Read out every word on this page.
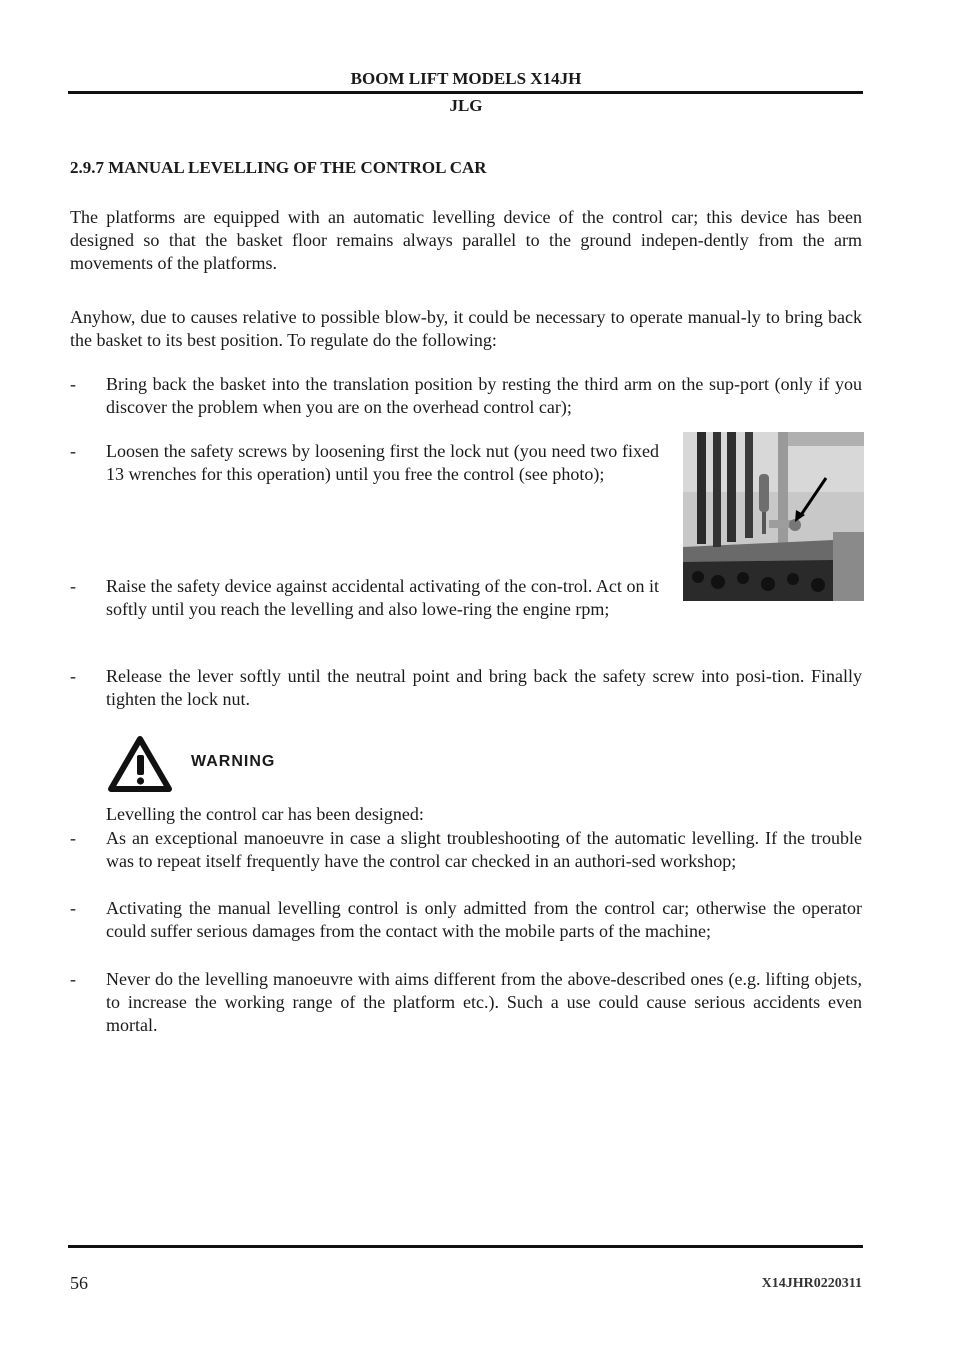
BOOM LIFT MODELS X14JH
JLG
2.9.7 MANUAL LEVELLING OF THE CONTROL CAR
The platforms are equipped with an automatic levelling device of the control car; this device has been designed so that the basket floor remains always parallel to the ground indepen-dently from the arm movements of the platforms.
Anyhow, due to causes relative to possible blow-by, it could be necessary to operate manual-ly to bring back the basket to its best position. To regulate do the following:
- Bring back the basket into the translation position by resting the third arm on the sup-port (only if you discover the problem when you are on the overhead control car);
- Loosen the safety screws by loosening first the lock nut (you need two fixed 13 wrenches for this operation) until you free the control (see photo);
- Raise the safety device against accidental activating of the con-trol. Act on it softly until you reach the levelling and also lowe-ring the engine rpm;
- Release the lever softly until the neutral point and bring back the safety screw into posi-tion. Finally tighten the lock nut.
WARNING
Levelling the control car has been designed:
- As an exceptional manoeuvre in case a slight troubleshooting of the automatic levelling. If the trouble was to repeat itself frequently have the control car checked in an authori-sed workshop;
- Activating the manual levelling control is only admitted from the control car; otherwise the operator could suffer serious damages from the contact with the mobile parts of the machine;
- Never do the levelling manoeuvre with aims different from the above-described ones (e.g. lifting objets, to increase the working range of the platform etc.). Such a use could cause serious accidents even mortal.
56	X14JHR0220311
